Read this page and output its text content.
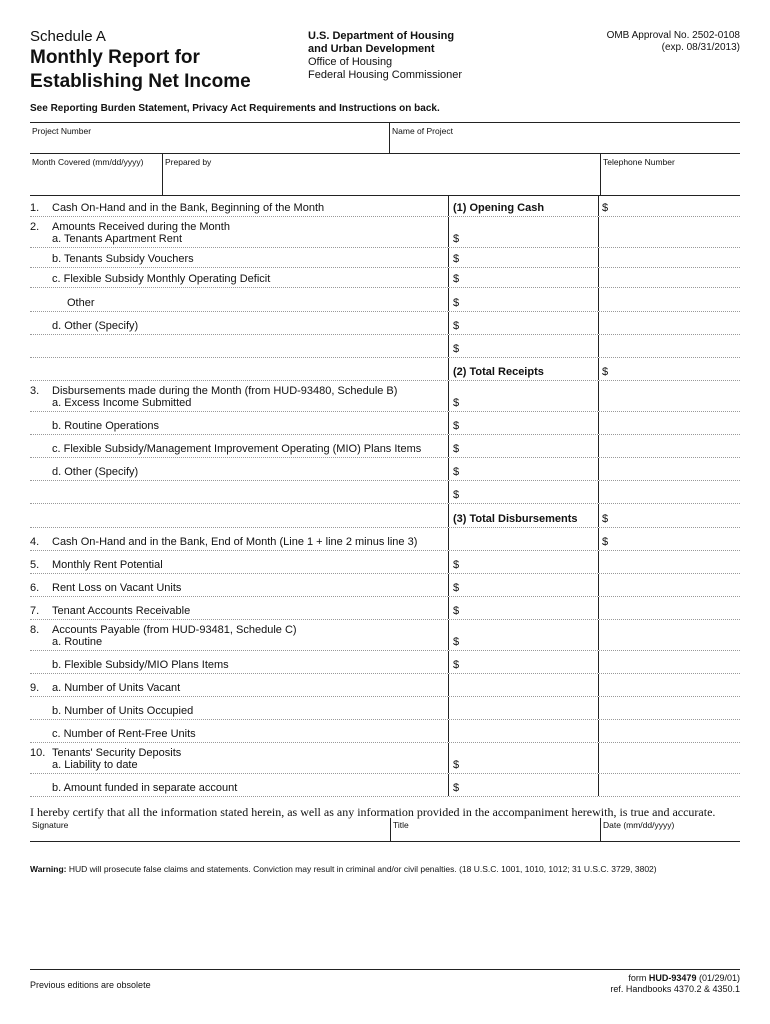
Schedule A
Monthly Report for
Establishing Net Income
U.S. Department of Housing
and Urban Development
Office of Housing
Federal Housing Commissioner
OMB Approval No. 2502-0108
(exp. 08/31/2013)
See Reporting Burden Statement, Privacy Act Requirements and Instructions on back.
Project Number	Name of Project
Month Covered (mm/dd/yyyy)	Prepared by	Telephone Number
1.	Cash On-Hand and in the Bank, Beginning of the Month	(1) Opening Cash	$
2.	Amounts Received during the Month
a. Tenants Apartment Rent	$
b. Tenants Subsidy Vouchers	$
c. Flexible Subsidy Monthly Operating Deficit	$
Other	$
d. Other (Specify)	$
$
(2) Total Receipts	$
3.	Disbursements made during the Month (from HUD-93480, Schedule B)
a. Excess Income Submitted	$
b. Routine Operations	$
c. Flexible Subsidy/Management Improvement Operating (MIO) Plans Items	$
d. Other (Specify)	$
$
(3) Total Disbursements $
4.	Cash On-Hand and in the Bank, End of Month (Line 1 + line 2 minus line 3)	$
5.	Monthly Rent Potential	$
6.	Rent Loss on Vacant Units	$
7.	Tenant Accounts Receivable	$
8.	Accounts Payable (from HUD-93481, Schedule C)
a. Routine	$
b. Flexible Subsidy/MIO Plans Items	$
9.	a. Number of Units Vacant
b. Number of Units Occupied
c. Number of Rent-Free Units
10. Tenants' Security Deposits
a. Liability to date	$
b. Amount funded in separate account	$
I hereby certify that all the information stated herein, as well as any information provided in the accompaniment herewith, is true and accurate.
Signature	Title	Date (mm/dd/yyyy)
Warning: HUD will prosecute false claims and statements. Conviction may result in criminal and/or civil penalties. (18 U.S.C. 1001, 1010, 1012; 31 U.S.C. 3729, 3802)
Previous editions are obsolete
form HUD-93479 (01/29/01)
ref. Handbooks 4370.2 & 4350.1
